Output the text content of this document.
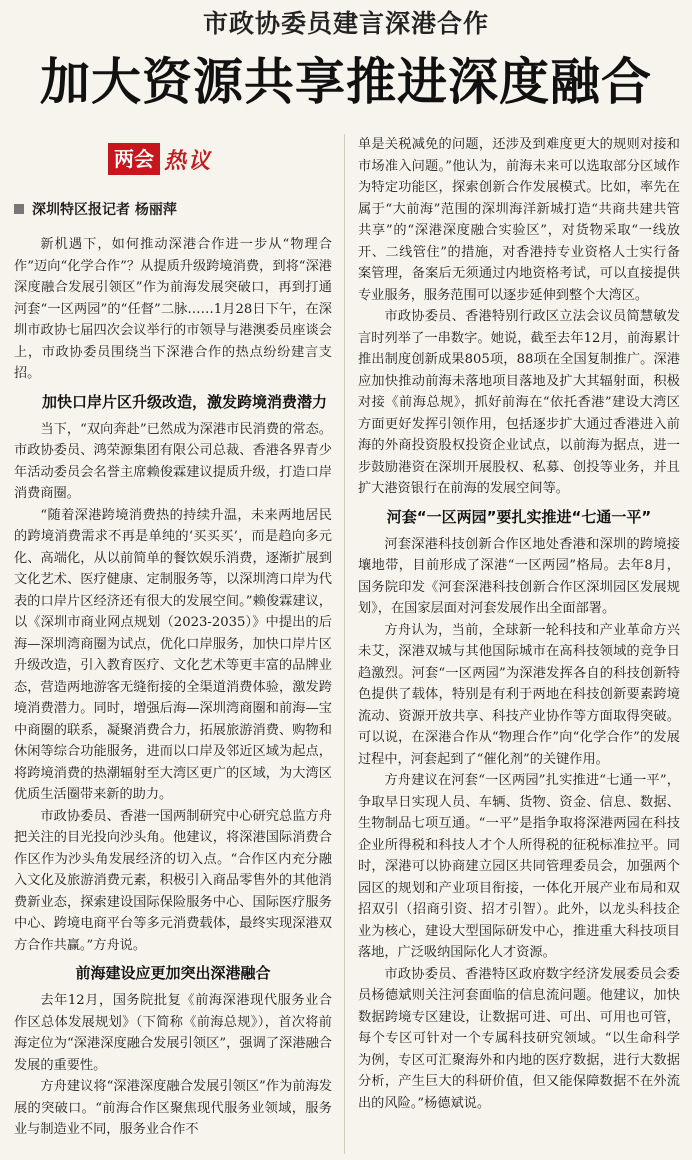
市政协委员建言深港合作
加大资源共享推进深度融合
两会 热议
深圳特区报记者 杨丽萍

新机遇下，如何推动深港合作进一步从“物理合作”迈向“化学合作”？从提质升级跨境消费，到将“深港深度融合发展引领区”作为前海发展突破口，再到打通河套“一区两园”的“任督”二脉……1月28日下午，在深圳市政协七届四次会议举行的市领导与港澳委员座谈会上，市政协委员围绕当下深港合作的热点纷纷建言支招。

加快口岸片区升级改造，激发跨境消费潜力

当下，“双向奔赴”已然成为深港市民消费的常态。市政协委员、鸿荣源集团有限公司总裁、香港各界青少年活动委员会名誉主席赖俊霖建议提质升级，打造口岸消费商圈。

“随着深港跨境消费热的持续升温，未来两地居民的跨境消费需求不再是单纯的‘买买买’，而是趋向多元化、高端化，从以前简单的餐饮娱乐消费，逐渐扩展到文化艺术、医疗健康、定制服务等，以深圳湾口岸为代表的口岸片区经济还有很大的发展空间。”赖俊霖建议，以《深圳市商业网点规划（2023-2035）》中提出的后海—深圳湾商圈为试点，优化口岸服务，加快口岸片区升级改造，引入教育医疗、文化艺术等更丰富的品牌业态，营造两地游客无缝衔接的全渠道消费体验，激发跨境消费潜力。同时，增强后海—深圳湾商圈和前海—宝中商圈的联系，凝聚消费合力，拓展旅游消费、购物和休闲等综合功能服务，进而以口岸及邻近区域为起点，将跨境消费的热潮辐射至大湾区更广的区域，为大湾区优质生活圈带来新的助力。

市政协委员、香港一国两制研究中心研究总监方舟把关注的目光投向沙头角。他建议，将深港国际消费合作区作为沙头角发展经济的切入点。“合作区内充分融入文化及旅游消费元素，积极引入商品零售外的其他消费新业态，探索建设国际保险服务中心、国际医疗服务中心、跨境电商平台等多元消费载体，最终实现深港双方合作共赢。”方舟说。

前海建设应更加突出深港融合

去年12月，国务院批复《前海深港现代服务业合作区总体发展规划》（下简称《前海总规》），首次将前海定位为“深港深度融合发展引领区”，强调了深港融合发展的重要性。

方舟建议将“深港深度融合发展引领区”作为前海发展的突破口。“前海合作区聚焦现代服务业领域，服务业与制造业不同，服务业合作不

单是关税减免的问题，还涉及到难度更大的规则对接和市场准入问题。”他认为，前海未来可以选取部分区域作为特定功能区，探索创新合作发展模式。比如，率先在属于“大前海”范围的深圳海洋新城打造“共商共建共管共享”的“深港深度融合实验区”，对货物采取“一线放开、二线管住”的措施，对香港持专业资格人士实行备案管理，备案后无须通过内地资格考试，可以直接提供专业服务，服务范围可以逐步延伸到整个大湾区。

市政协委员、香港特别行政区立法会议员简慧敏发言时列举了一串数字。她说，截至去年12月，前海累计推出制度创新成果805项，88项在全国复制推广。深港应加快推动前海未落地项目落地及扩大其辐射面，积极对接《前海总规》，抓好前海在“依托香港”建设大湾区方面更好发挥引领作用，包括逐步扩大通过香港进入前海的外商投资股权投资企业试点，以前海为据点，进一步鼓励港资在深圳开展股权、私募、创投等业务，并且扩大港资银行在前海的发展空间等。

河套“一区两园”要扎实推进“七通一平”

河套深港科技创新合作区地处香港和深圳的跨境接壤地带，目前形成了深港“一区两园”格局。去年8月，国务院印发《河套深港科技创新合作区深圳园区发展规划》，在国家层面对河套发展作出全面部署。

方舟认为，当前，全球新一轮科技和产业革命方兴未艾，深港双城与其他国际城市在高科技领域的竞争日趋激烈。河套“一区两园”为深港发挥各自的科技创新特色提供了载体，特别是有利于两地在科技创新要素跨境流动、资源开放共享、科技产业协作等方面取得突破。可以说，在深港合作从“物理合作”向“化学合作”的发展过程中，河套起到了“催化剂”的关键作用。

方舟建议在河套“一区两园”扎实推进“七通一平”，争取早日实现人员、车辆、货物、资金、信息、数据、生物制品七项互通。“一平”是指争取将深港两园在科技企业所得税和科技人才个人所得税的征税标准拉平。同时，深港可以协商建立园区共同管理委员会，加强两个园区的规划和产业项目衔接，一体化开展产业布局和双招双引（招商引资、招才引智）。此外，以龙头科技企业为核心，建设大型国际研发中心，推进重大科技项目落地，广泛吸纳国际化人才资源。

市政协委员、香港特区政府数字经济发展委员会委员杨德斌则关注河套面临的信息流问题。他建议，加快数据跨境专区建设，让数据可进、可出、可用也可管，每个专区可针对一个专属科技研究领域。“以生命科学为例，专区可汇聚海外和内地的医疗数据，进行大数据分析，产生巨大的科研价值，但又能保障数据不在外流出的风险。”杨德斌说。
